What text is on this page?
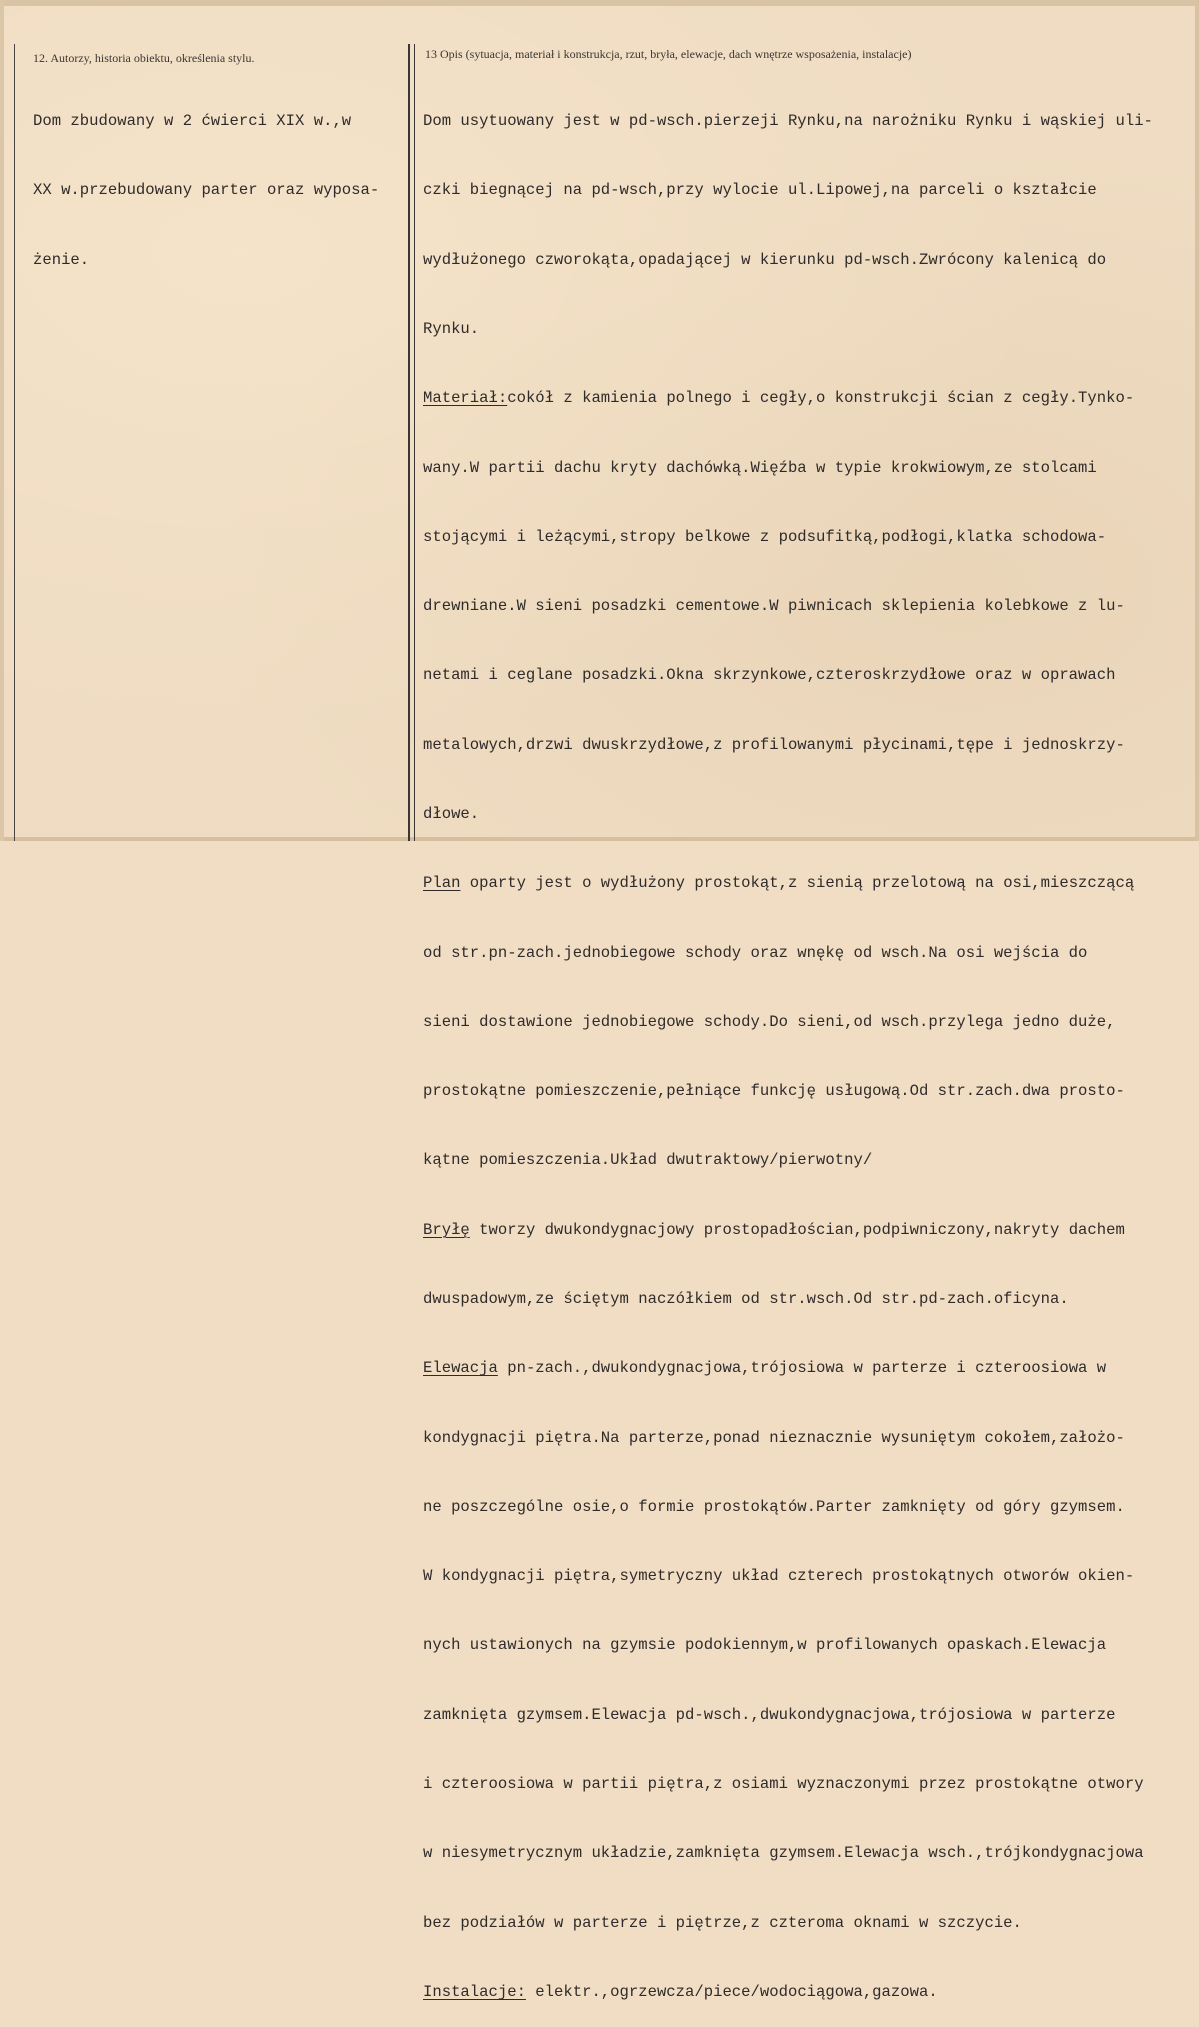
12. Autorzy, historia obiektu, określenia stylu.	13 Opis (sytuacja, materiał i konstrukcja, rzut, bryła, elewacje, dach wnętrze wsposażenia, instalacje)

Dom zbudowany w 2 ćwierci XIX w.,w

XX w.przebudowany parter oraz wyposa-

żenie.

Dom usytuowany jest w pd-wsch.pierzeji Rynku,na narożniku Rynku i wąskiej uli-

czki biegnącej na pd-wsch,przy wylocie ul.Lipowej,na parceli o kształcie

wydłużonego czworokąta,opadającej w kierunku pd-wsch.Zwrócony kalenicą do

Rynku.

Materiał:cokół z kamienia polnego i cegły,o konstrukcji ścian z cegły.Tynko-

wany.W partii dachu kryty dachówką.Więźba w typie krokwiowym,ze stolcami

stojącymi i leżącymi,stropy belkowe z podsufitką,podłogi,klatka schodowa-

drewniane.W sieni posadzki cementowe.W piwnicach sklepienia kolebkowe z lu-

netami i ceglane posadzki.Okna skrzynkowe,czteroskrzydłowe oraz w oprawach

metalowych,drzwi dwuskrzydłowe,z profilowanymi płycinami,tępe i jednoskrzy-

dłowe.

Plan oparty jest o wydłużony prostokąt,z sienią przelotową na osi,mieszczącą

od str.pn-zach.jednobiegowe schody oraz wnękę od wsch.Na osi wejścia do

sieni dostawione jednobiegowe schody.Do sieni,od wsch.przylega jedno duże,

prostokątne pomieszczenie,pełniące funkcję usługową.Od str.zach.dwa prosto-

kątne pomieszczenia.Układ dwutraktowy/pierwotny/

Bryłę tworzy dwukondygnacjowy prostopadłościan,podpiwniczony,nakryty dachem

dwuspadowym,ze ściętym naczółkiem od str.wsch.Od str.pd-zach.oficyna.

Elewacja pn-zach.,dwukondygnacjowa,trójosiowa w parterze i czteroosiowa w

kondygnacji piętra.Na parterze,ponad nieznacznie wysuniętym cokołem,założo-

ne poszczególne osie,o formie prostokątów.Parter zamknięty od góry gzymsem.

W kondygnacji piętra,symetryczny układ czterech prostokątnych otworów okien-

nych ustawionych na gzymsie podokiennym,w profilowanych opaskach.Elewacja

zamknięta gzymsem.Elewacja pd-wsch.,dwukondygnacjowa,trójosiowa w parterze

i czteroosiowa w partii piętra,z osiami wyznaczonymi przez prostokątne otwory

w niesymetrycznym układzie,zamknięta gzymsem.Elewacja wsch.,trójkondygnacjowa

bez podziałów w parterze i piętrze,z czteroma oknami w szczycie.

Instalacje: elektr.,ogrzewcza/piece/wodociągowa,gazowa.
